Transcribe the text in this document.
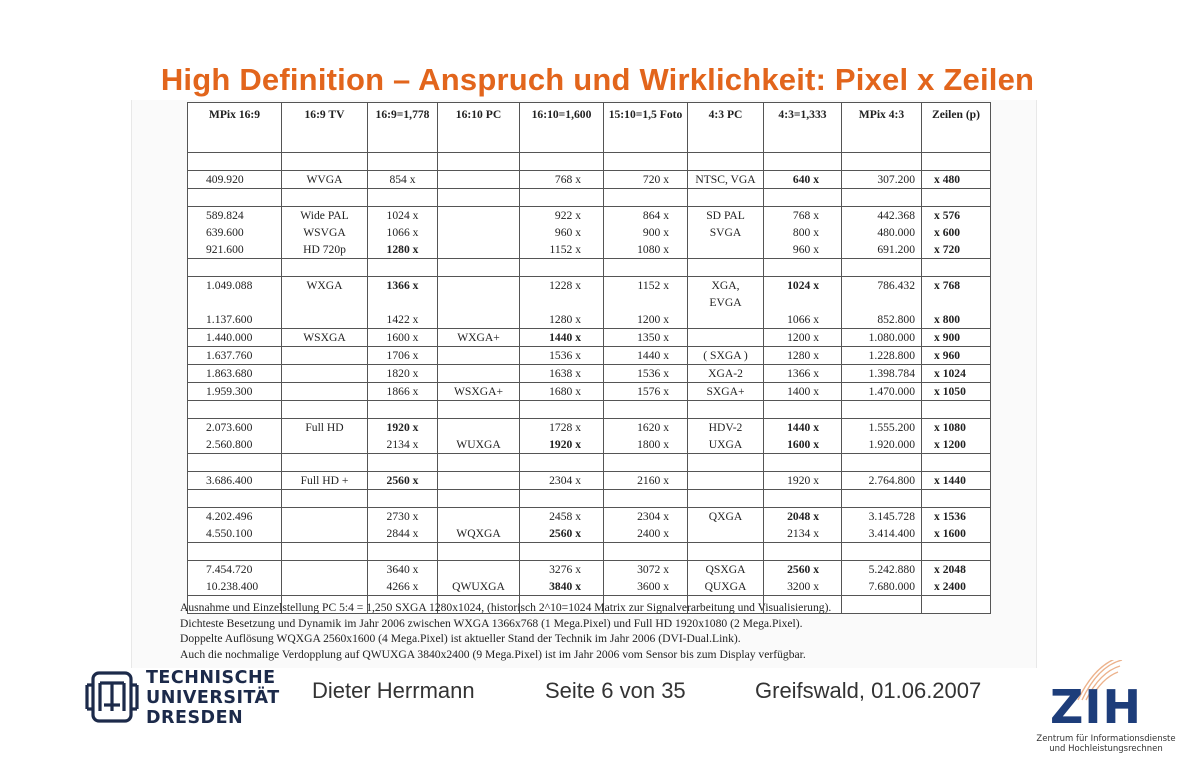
High Definition – Anspruch und Wirklichkeit: Pixel x Zeilen
MPix 16:9	16:9 TV	16:9=1,778	16:10 PC	16:10=1,600	15:10=1,5 Foto	4:3 PC	4:3=1,333	MPix 4:3	Zeilen (p)

409.920	WVGA	854 x		768 x	720 x	NTSC, VGA	640 x	307.200	x 480

589.824	Wide PAL	1024 x		922 x	864 x	SD PAL	768 x	442.368	x 576
639.600	WSVGA	1066 x		960 x	900 x	SVGA	800 x	480.000	x 600
921.600	HD 720p	1280 x		1152 x	1080 x		960 x	691.200	x 720

1.049.088	WXGA	1366 x		1228 x	1152 x	XGA,	1024 x	786.432	x 768
						EVGA			
1.137.600		1422 x		1280 x	1200 x		1066 x	852.800	x 800
1.440.000	WSXGA	1600 x	WXGA+	1440 x	1350 x		1200 x	1.080.000	x 900
1.637.760		1706 x		1536 x	1440 x	( SXGA )	1280 x	1.228.800	x 960
1.863.680		1820 x		1638 x	1536 x	XGA-2	1366 x	1.398.784	x 1024
1.959.300		1866 x	WSXGA+	1680 x	1576 x	SXGA+	1400 x	1.470.000	x 1050

2.073.600	Full HD	1920 x		1728 x	1620 x	HDV-2	1440 x	1.555.200	x 1080
2.560.800		2134 x	WUXGA	1920 x	1800 x	UXGA	1600 x	1.920.000	x 1200

3.686.400	Full HD +	2560 x		2304 x	2160 x		1920 x	2.764.800	x 1440

4.202.496		2730 x		2458 x	2304 x	QXGA	2048 x	3.145.728	x 1536
4.550.100		2844 x	WQXGA	2560 x	2400 x		2134 x	3.414.400	x 1600

7.454.720		3640 x		3276 x	3072 x	QSXGA	2560 x	5.242.880	x 2048
10.238.400		4266 x	QWUXGA	3840 x	3600 x	QUXGA	3200 x	7.680.000	x 2400

Ausnahme und Einzelstellung PC 5:4 = 1,250 SXGA 1280x1024, (historisch 2^10=1024 Matrix zur Signalverarbeitung und Visualisierung).
Dichteste Besetzung und Dynamik im Jahr 2006 zwischen WXGA 1366x768 (1 Mega.Pixel) und Full HD 1920x1080 (2 Mega.Pixel).
Doppelte Auflösung WQXGA 2560x1600 (4 Mega.Pixel) ist aktueller Stand der Technik im Jahr 2006 (DVI-Dual.Link).
Auch die nochmalige Verdopplung auf QWUXGA 3840x2400 (9 Mega.Pixel) ist im Jahr 2006 vom Sensor bis zum Display verfügbar.
TECHNISCHE
UNIVERSITÄT
DRESDEN
Dieter Herrmann	Seite 6 von 35	Greifswald, 01.06.2007 ZIH
Zentrum für Informationsdienste
und Hochleistungsrechnen
